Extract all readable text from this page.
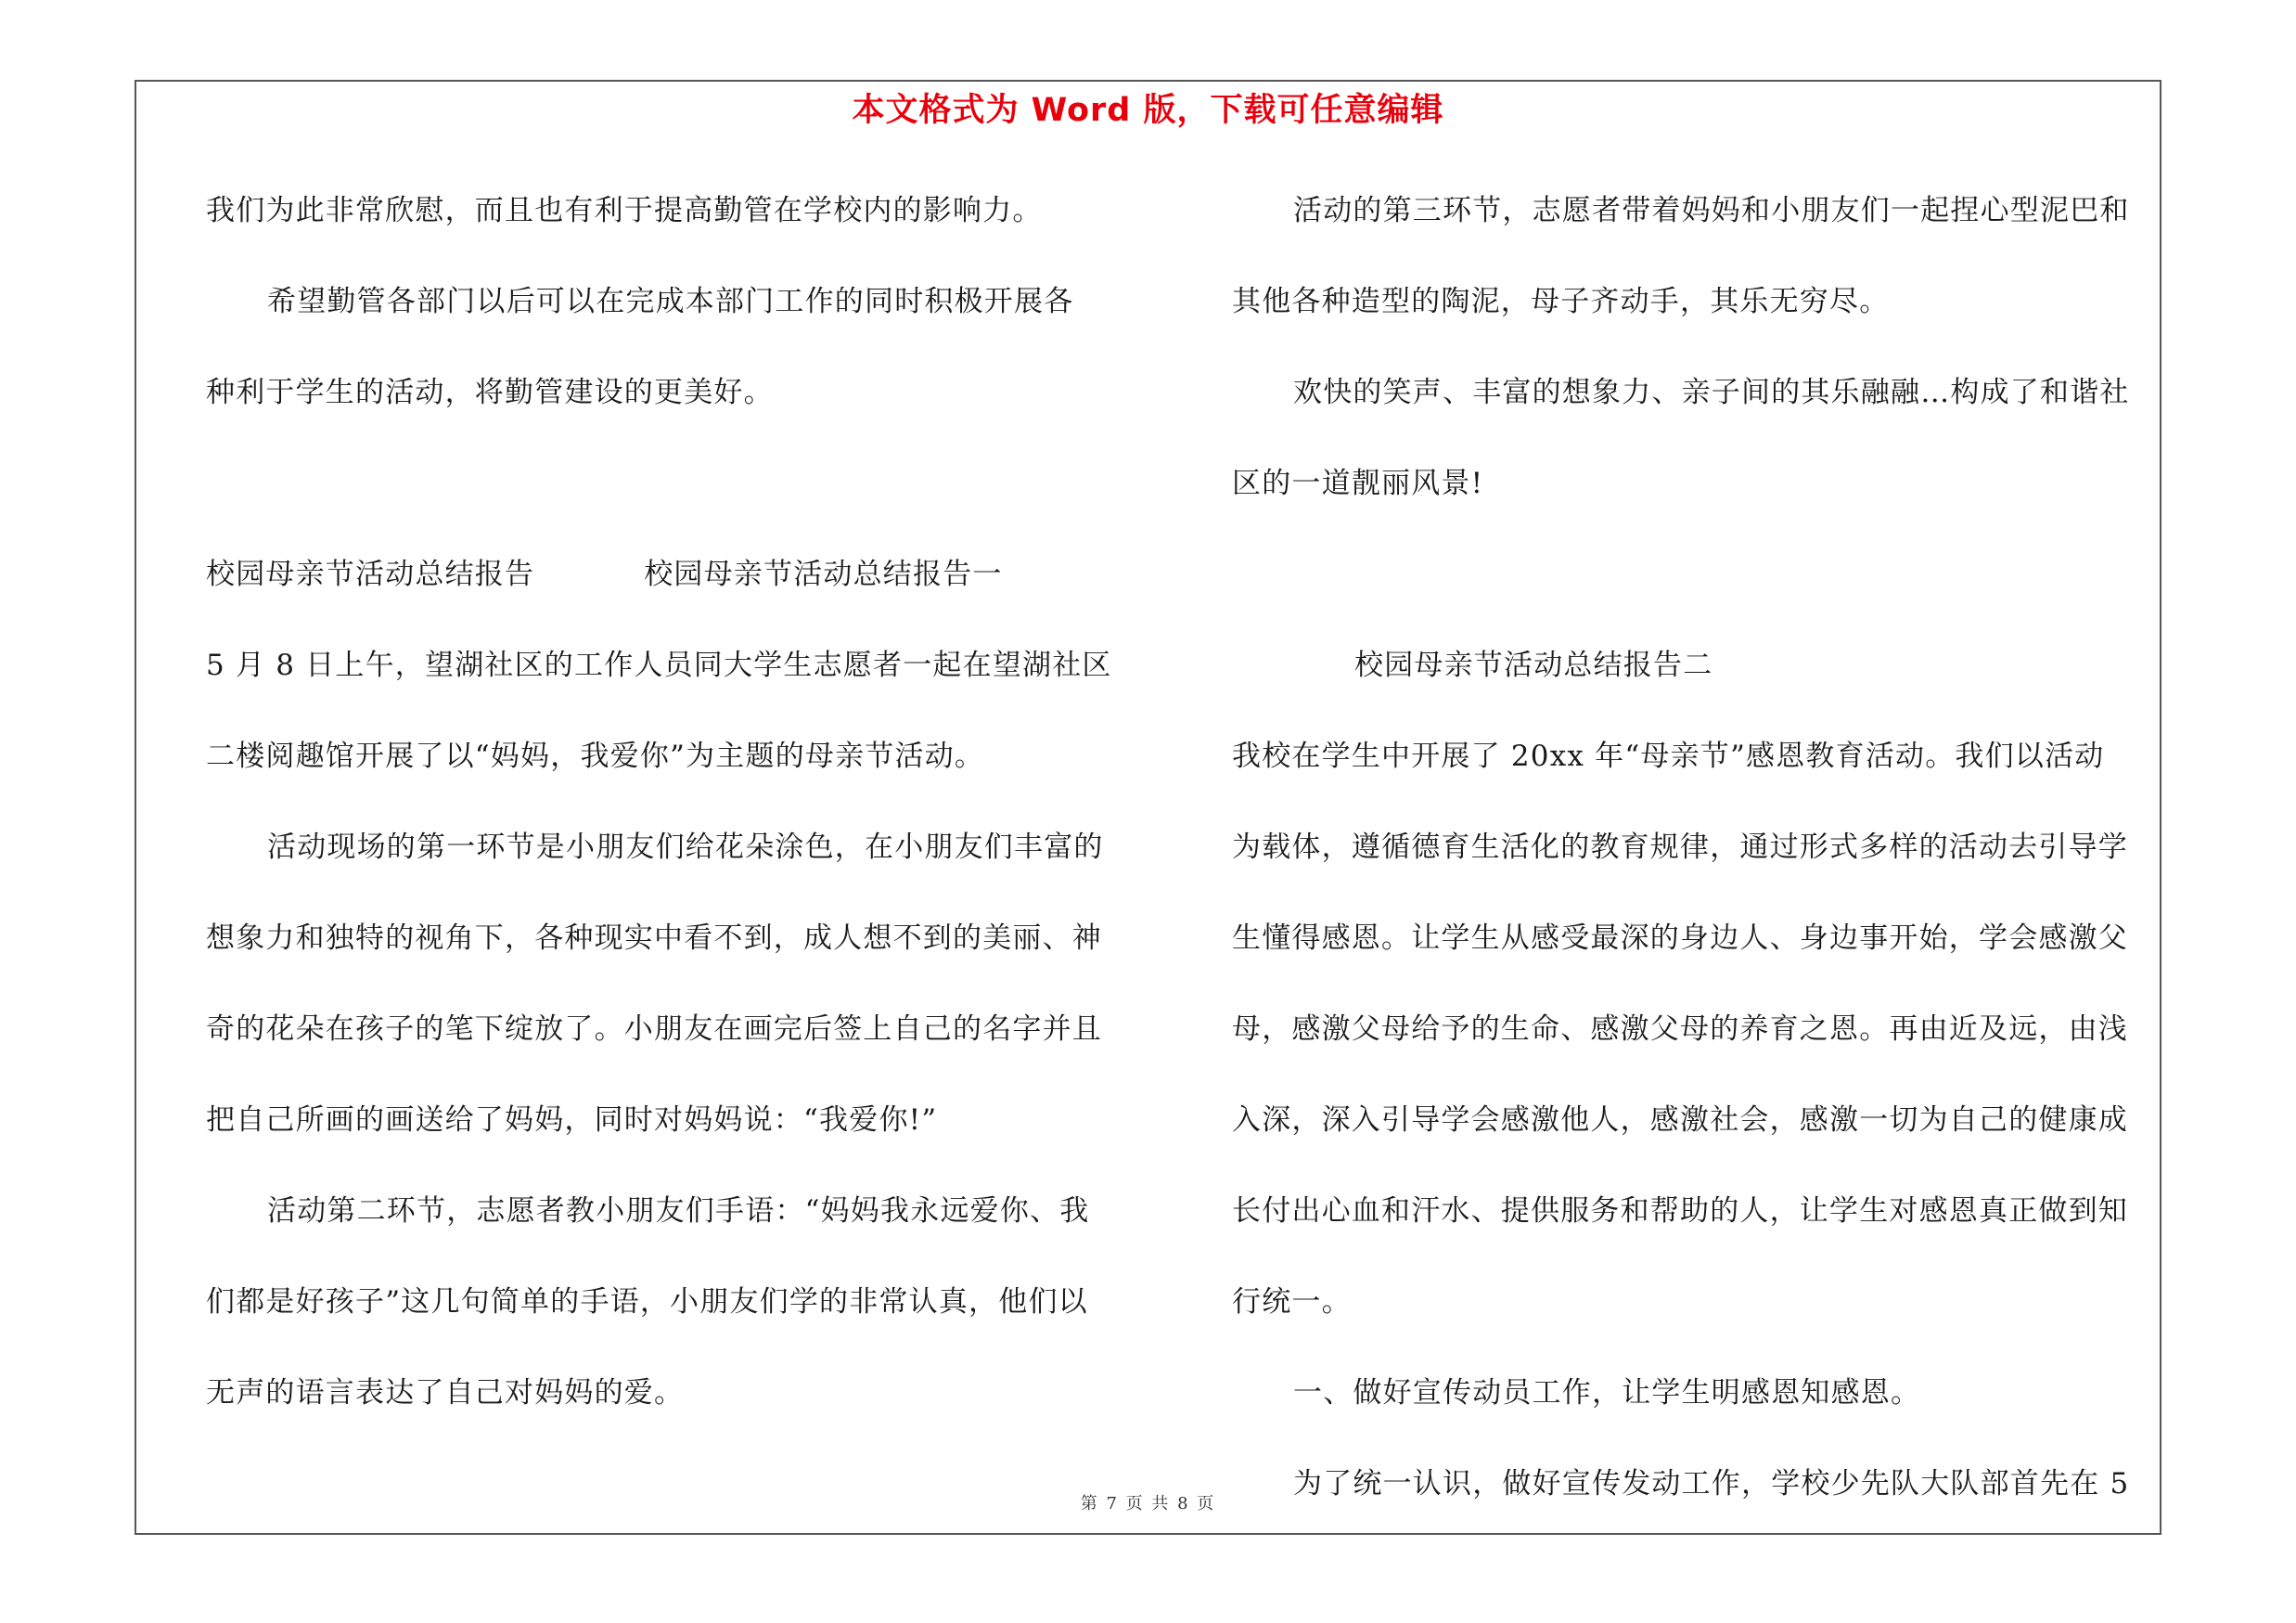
本文格式为 Word 版，下载可任意编辑
我们为此非常欣慰，而且也有利于提高勤管在学校内的影响力。
希望勤管各部门以后可以在完成本部门工作的同时积极开展各
种利于学生的活动，将勤管建设的更美好。
校园母亲节活动总结报告	校园母亲节活动总结报告一
5 月 8 日上午，望湖社区的工作人员同大学生志愿者一起在望湖社区
二楼阅趣馆开展了以“妈妈，我爱你”为主题的母亲节活动。
活动现场的第一环节是小朋友们给花朵涂色，在小朋友们丰富的
想象力和独特的视角下，各种现实中看不到，成人想不到的美丽、神
奇的花朵在孩子的笔下绽放了。小朋友在画完后签上自己的名字并且
把自己所画的画送给了妈妈，同时对妈妈说：“我爱你!”
活动第二环节，志愿者教小朋友们手语：“妈妈我永远爱你、我
们都是好孩子”这几句简单的手语，小朋友们学的非常认真，他们以
无声的语言表达了自己对妈妈的爱。
活动的第三环节，志愿者带着妈妈和小朋友们一起捏心型泥巴和
其他各种造型的陶泥，母子齐动手，其乐无穷尽。
欢快的笑声、丰富的想象力、亲子间的其乐融融…构成了和谐社
区的一道靓丽风景!
校园母亲节活动总结报告二
我校在学生中开展了 20xx 年“母亲节”感恩教育活动。我们以活动
为载体，遵循德育生活化的教育规律，通过形式多样的活动去引导学
生懂得感恩。让学生从感受最深的身边人、身边事开始，学会感激父
母，感激父母给予的生命、感激父母的养育之恩。再由近及远，由浅
入深，深入引导学会感激他人，感激社会，感激一切为自己的健康成
长付出心血和汗水、提供服务和帮助的人，让学生对感恩真正做到知
行统一。
一、做好宣传动员工作，让学生明感恩知感恩。
为了统一认识，做好宣传发动工作，学校少先队大队部首先在 5
第 7 页 共 8 页
